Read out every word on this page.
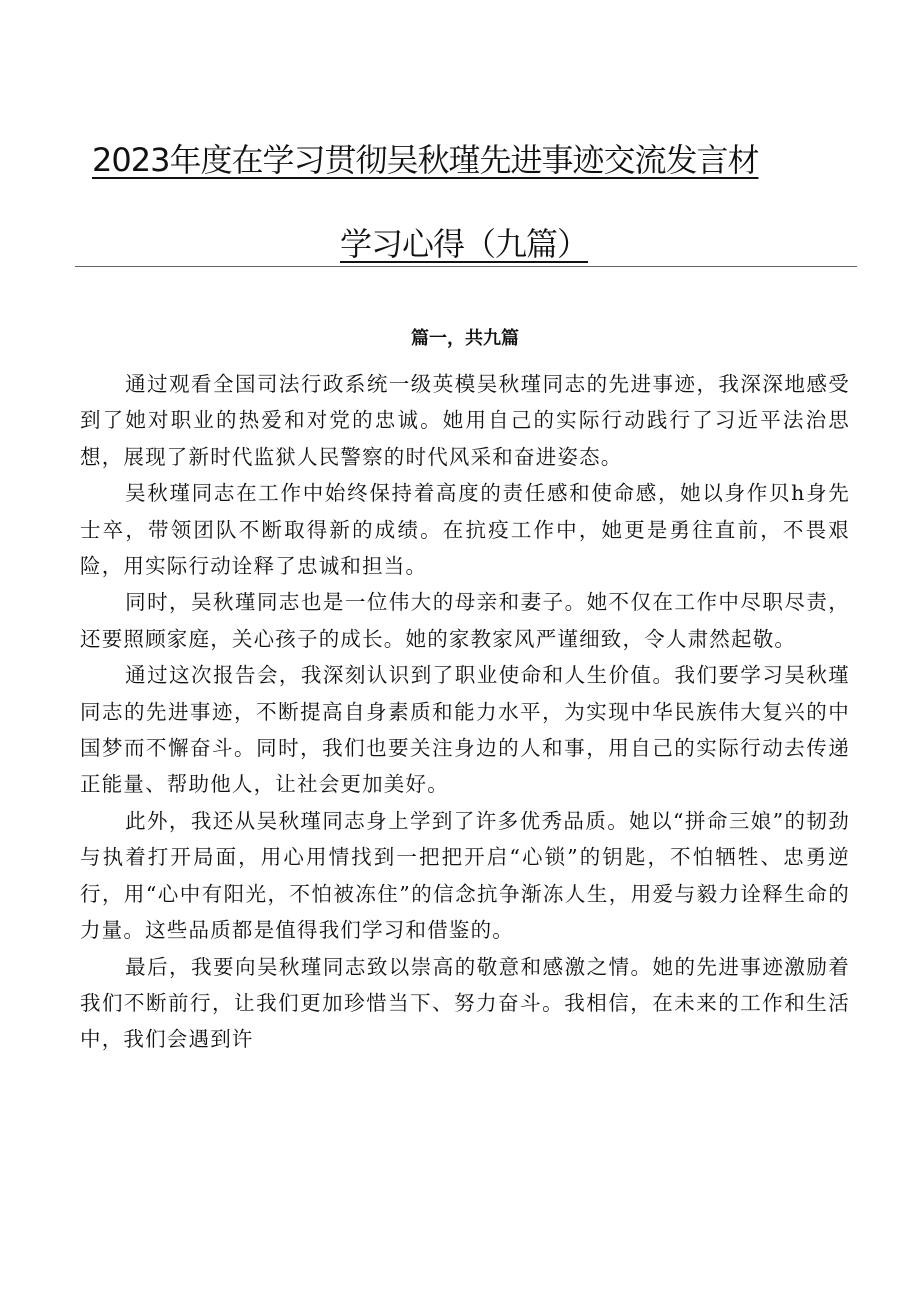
2023年度在学习贯彻吴秋瑾先进事迹交流发言材
学习心得（九篇）
篇一，共九篇

通过观看全国司法行政系统一级英模吴秋瑾同志的先进事迹，我深深地感受到了她对职业的热爱和对党的忠诚。她用自己的实际行动践行了习近平法治思想，展现了新时代监狱人民警察的时代风采和奋进姿态。

吴秋瑾同志在工作中始终保持着高度的责任感和使命感，她以身作贝h身先士卒，带领团队不断取得新的成绩。在抗疫工作中，她更是勇往直前，不畏艰险，用实际行动诠释了忠诚和担当。

同时，吴秋瑾同志也是一位伟大的母亲和妻子。她不仅在工作中尽职尽责，还要照顾家庭，关心孩子的成长。她的家教家风严谨细致，令人肃然起敬。

通过这次报告会，我深刻认识到了职业使命和人生价值。我们要学习吴秋瑾同志的先进事迹，不断提高自身素质和能力水平，为实现中华民族伟大复兴的中国梦而不懈奋斗。同时，我们也要关注身边的人和事，用自己的实际行动去传递正能量、帮助他人，让社会更加美好。

此外，我还从吴秋瑾同志身上学到了许多优秀品质。她以“拼命三娘”的韧劲与执着打开局面，用心用情找到一把把开启“心锁”的钥匙，不怕牺牲、忠勇逆行，用“心中有阳光，不怕被冻住”的信念抗争渐冻人生，用爱与毅力诠释生命的力量。这些品质都是值得我们学习和借鉴的。

最后，我要向吴秋瑾同志致以崇高的敬意和感激之情。她的先进事迹激励着我们不断前行，让我们更加珍惜当下、努力奋斗。我相信，在未来的工作和生活中，我们会遇到许
